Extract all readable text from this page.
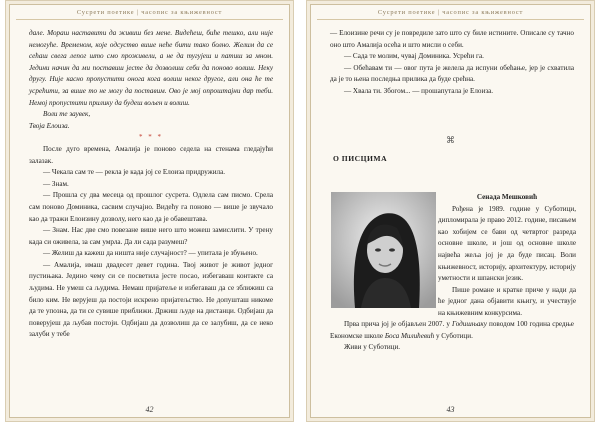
Сусрети поетике | часопис за књижевност

дале. Мораш наставити да живиш без мене. Видећеш, биће тешко, али није немогуће. Временом, које одсуство више неће бити тако болно. Желим да се сећаш свега лепог што смо проживели, а не да тугујеш и патиш за мном. Једини начин да ми поставиш јесте да дозволиш себи да поново волиш. Неку другу. Није касно пропустити онога кога волиш неког другог, али она ће те усрећити, за вишe то не могу да поставим. Ово је мој опроштајни дар теби. Немој пропустити прилику да будеш вољен и волиш.

Воли те заувек,

Твоја Елоиза.

* * *

После дуго времена, Амалија је поново седела на стенама гледајући залазак.

— Чекала сам те — рекла је када јој се Елоиза придружила.

— Знам.

— Прошла су два месеца од прошлог сусрета. Одлела сам писмо. Срела сам поново Доминика, сасвим случајно. Видећу га поново — више је звучало као да тражи Елоизину дозволу, него као да је обавештава.

— Знам. Нас две смо повезане више него што можеш замислити. У трену када си оживела, за сам умрла. Да ли сада разумеш?

— Желиш да кажеш да ништа није случајност? — упитала је збуњено.

— Амалија, имаш двадесет девет година. Твој живот је живот једног пустињака. Једино чему си се посветила јесте посао, избегаваш контакте са људима. Не умеш са људима. Немаш пријатеље и избегаваш да се зближиш са било ким. Не верујеш да постоји искрено пријатељство. Не допушташ никоме да те упозна, да ти се сувише приближи. Држиш људе на дистанци. Одбијаш да поверујеш да љубав постоји. Одбијаш да дозволиш да се залубиш, да се неко залуби у тебе

42
Сусрети поетике | часопис за књижевност

— Елоизине речи су је повредиле зато што су биле истините. Описале су тачно оно што Амалија осећа и што мисли о себи.

— Сада те молим, чувај Доминика. Усрећи га.

— Обећавам ти — овог пута је желела да испуни обећање, јер је схватила да је то њена последња прилика да буде срећна.

— Хвала ти. Збогом... — прошапутала је Елоиза.

⌘
О ПИСЦИМА

Сенада Мешковић

Рођена је 1989. године у Суботици, дипломирала је право 2012. године, писањем као хобијем се бави од четвртог разреда основне школе, и још од основне школе највећа жеља јој је да буде писац. Воли књижевност, историју, архитектуру, историју уметности и шпански језик.

Пише романе и кратке приче у нади да ће једног дана објавити књигу, и учествује на књижевним конкурсима.

Прва прича јој је објављен 2007. у Годишњаку поводом 100 година средње Економске школе Бoса Милићевић у Суботици.

Живи у Суботици.

43
